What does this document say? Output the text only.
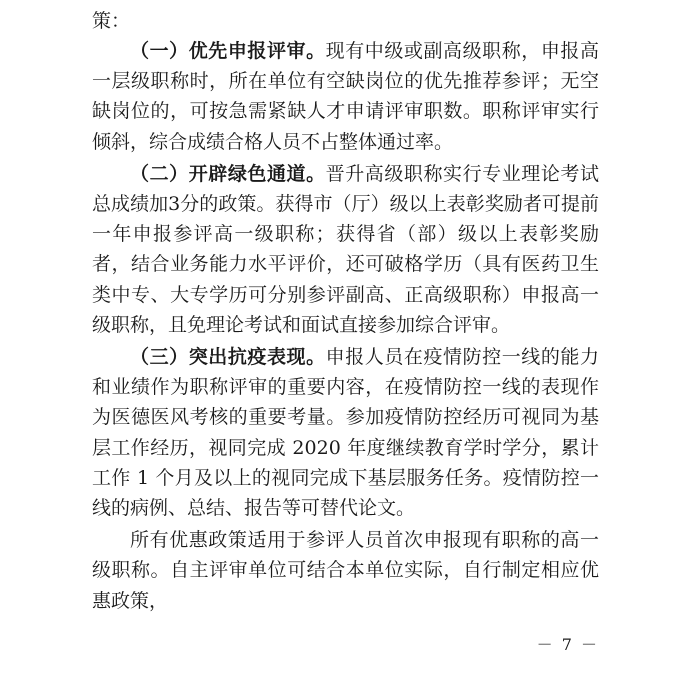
策：

（一）优先申报评审。现有中级或副高级职称，申报高一层级职称时，所在单位有空缺岗位的优先推荐参评；无空缺岗位的，可按急需紧缺人才申请评审职数。职称评审实行倾斜，综合成绩合格人员不占整体通过率。

（二）开辟绿色通道。晋升高级职称实行专业理论考试总成绩加3分的政策。获得市（厅）级以上表彰奖励者可提前一年申报参评高一级职称；获得省（部）级以上表彰奖励者，结合业务能力水平评价，还可破格学历（具有医药卫生类中专、大专学历可分别参评副高、正高级职称）申报高一级职称，且免理论考试和面试直接参加综合评审。

（三）突出抗疫表现。申报人员在疫情防控一线的能力和业绩作为职称评审的重要内容，在疫情防控一线的表现作为医德医风考核的重要考量。参加疫情防控经历可视同为基层工作经历，视同完成 2020 年度继续教育学时学分，累计工作 1 个月及以上的视同完成下基层服务任务。疫情防控一线的病例、总结、报告等可替代论文。

所有优惠政策适用于参评人员首次申报现有职称的高一级职称。自主评审单位可结合本单位实际，自行制定相应优惠政策，

－ 7 －
